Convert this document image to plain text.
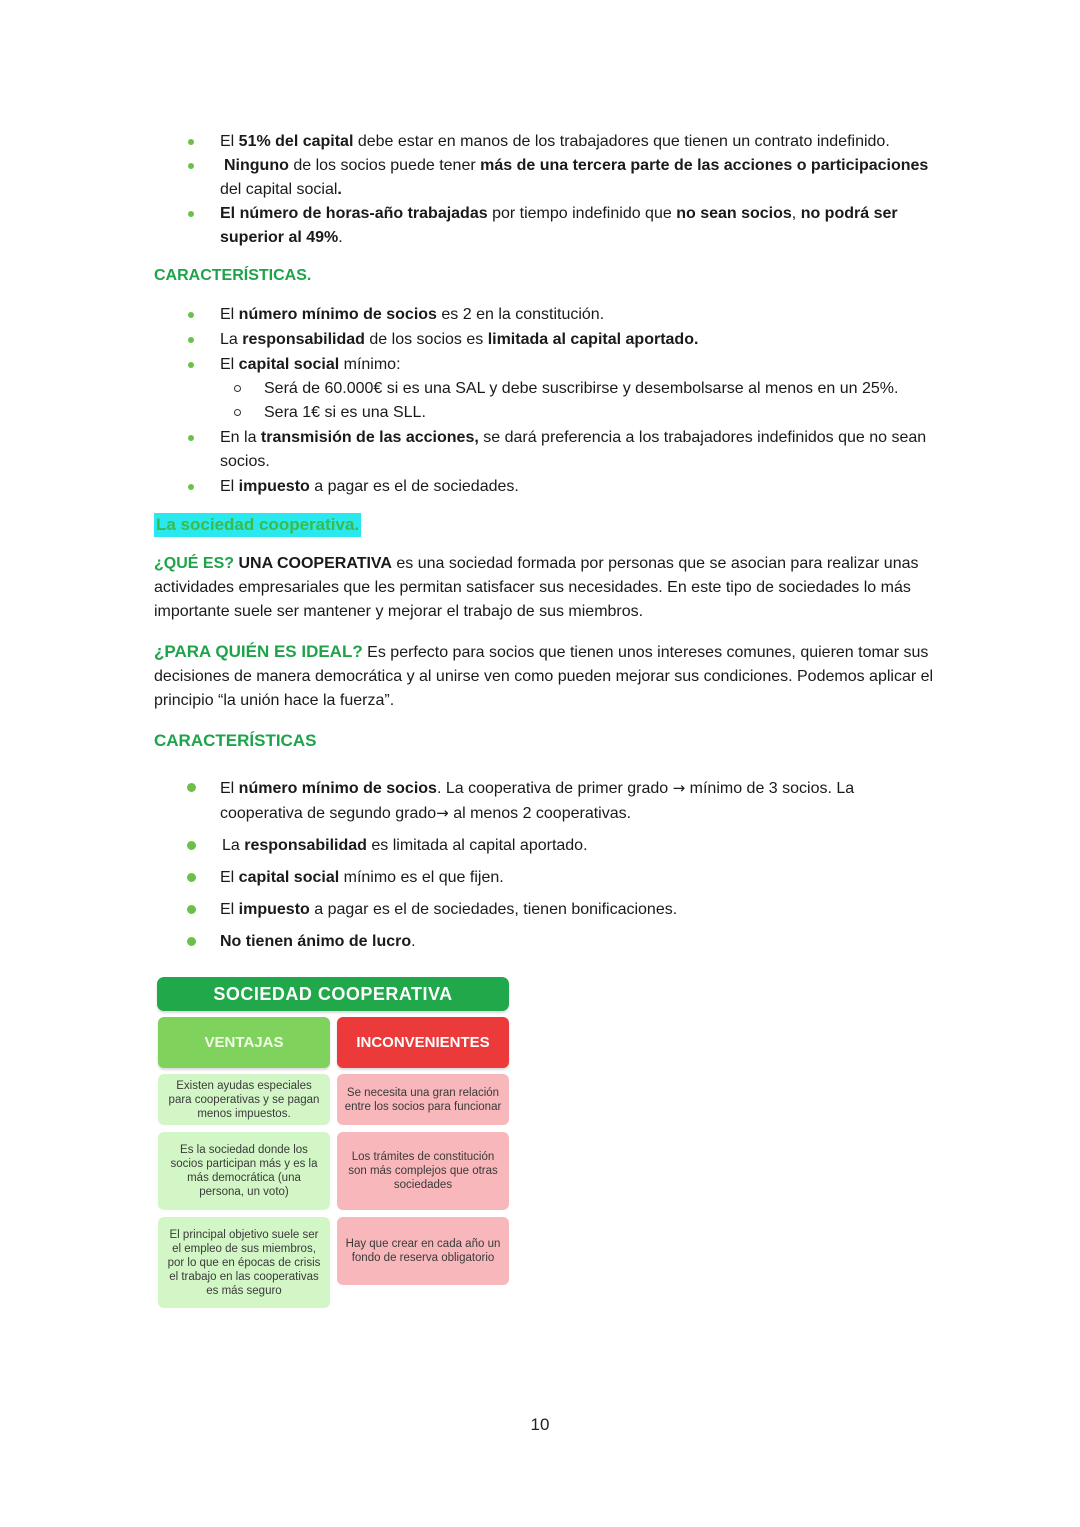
El 51% del capital debe estar en manos de los trabajadores que tienen un contrato indefinido.
Ninguno de los socios puede tener más de una tercera parte de las acciones o participaciones del capital social.
El número de horas-año trabajadas por tiempo indefinido que no sean socios, no podrá ser superior al 49%.
CARACTERÍSTICAS.
El número mínimo de socios es 2 en la constitución.
La responsabilidad de los socios es limitada al capital aportado.
El capital social mínimo:
Será de 60.000€ si es una SAL y debe suscribirse y desembolsarse al menos en un 25%.
Sera 1€ si es una SLL.
En la transmisión de las acciones, se dará preferencia a los trabajadores indefinidos que no sean socios.
El impuesto a pagar es el de sociedades.
La sociedad cooperativa.

¿QUÉ ES? UNA COOPERATIVA es una sociedad formada por personas que se asocian para realizar unas actividades empresariales que les permitan satisfacer sus necesidades. En este tipo de sociedades lo más importante suele ser mantener y mejorar el trabajo de sus miembros.

¿PARA QUIÉN ES IDEAL? Es perfecto para socios que tienen unos intereses comunes, quieren tomar sus decisiones de manera democrática y al unirse ven como pueden mejorar sus condiciones. Podemos aplicar el principio “la unión hace la fuerza”.

CARACTERÍSTICAS
El número mínimo de socios. La cooperativa de primer grado → mínimo de 3 socios. La cooperativa de segundo grado→ al menos 2 cooperativas.
La responsabilidad es limitada al capital aportado.
El capital social mínimo es el que fijen.
El impuesto a pagar es el de sociedades, tienen bonificaciones.
No tienen ánimo de lucro.
SOCIEDAD COOPERATIVA
VENTAJAS	INCONVENIENTES
Existen ayudas especiales
para cooperativas y se pagan
menos impuestos.
Es la sociedad donde los
socios participan más y es la
más democrática (una
persona, un voto)
El principal objetivo suele ser
el empleo de sus miembros,
por lo que en épocas de crisis
el trabajo en las cooperativas
es más seguro
Se necesita una gran relación
entre los socios para funcionar
Los trámites de constitución
son más complejos que otras
sociedades
Hay que crear en cada año un
fondo de reserva obligatorio
10
